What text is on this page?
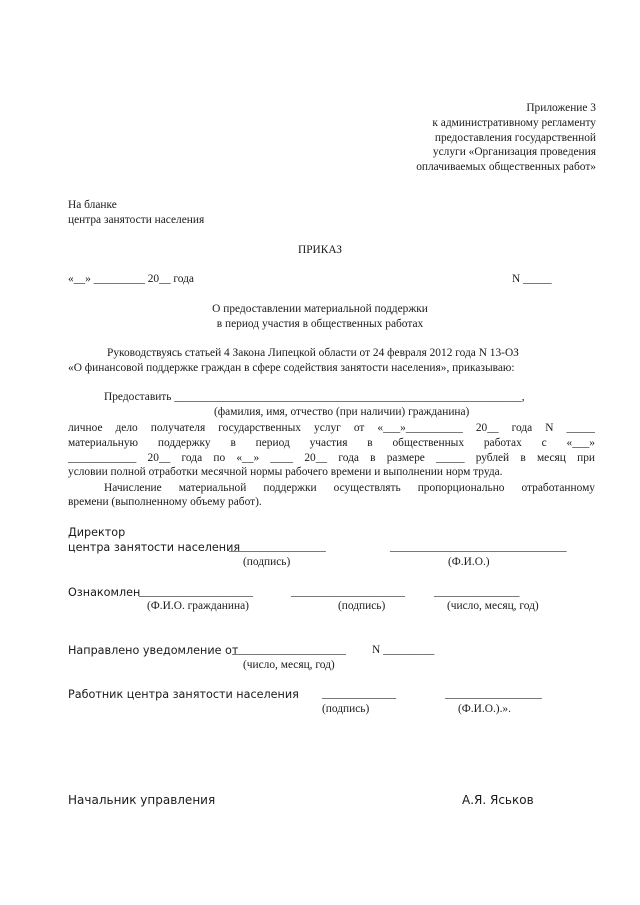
Приложение 3
к административному регламенту
предоставления государственной
услуги «Организация проведения
оплачиваемых общественных работ»
На бланке
центра занятости населения
ПРИКАЗ
«__» _________ 20__ года	N _____
О предоставлении материальной поддержки
в период участия в общественных работах
Руководствуясь статьей 4 Закона Липецкой области от 24 февраля 2012 года N 13-ОЗ
«О финансовой поддержке граждан в сфере содействия занятости населения», приказываю:
Предоставить _____________________________________________________________,
(фамилия, имя, отчество (при наличии) гражданина)
личное дело получателя государственных услуг от «___»__________ 20__ года N _____
материальную поддержку в период участия в общественных работах с «___»
____________ 20__ года по «__» ____ 20__ года в размере _____ рублей в месяц при
условии полной отработки месячной нормы рабочего времени и выполнении норм труда.
Начисление материальной поддержки осуществлять пропорционально отработанному
времени (выполненному объему работ).
Директор
центра занятости населения
_________________	_______________________________
(подпись)	(Ф.И.О.)
Ознакомлен
____________________	____________________	_______________
(Ф.И.О. гражданина)	(подпись)	(число, месяц, год)
Направлено уведомление от
____________________ N _________
(число, месяц, год)
Работник центра занятости населения _____________	_________________
(подпись)	(Ф.И.О.).».
Начальник управления	А.Я. Яськов
